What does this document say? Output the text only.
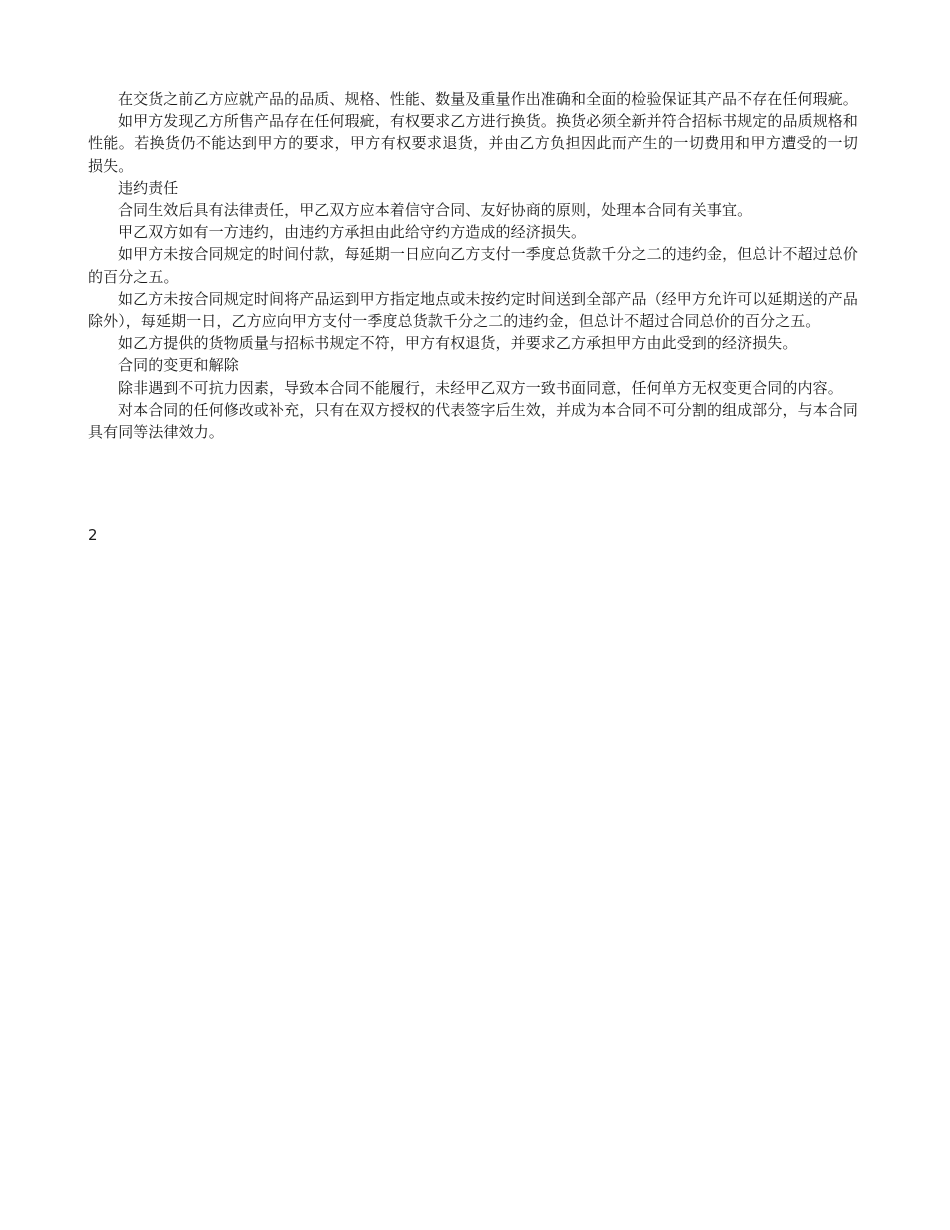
在交货之前乙方应就产品的品质、规格、性能、数量及重量作出准确和全面的检验保证其产品不存在任何瑕疵。

如甲方发现乙方所售产品存在任何瑕疵，有权要求乙方进行换货。换货必须全新并符合招标书规定的品质规格和性能。若换货仍不能达到甲方的要求，甲方有权要求退货，并由乙方负担因此而产生的一切费用和甲方遭受的一切损失。

违约责任

合同生效后具有法律责任，甲乙双方应本着信守合同、友好协商的原则，处理本合同有关事宜。

甲乙双方如有一方违约，由违约方承担由此给守约方造成的经济损失。

如甲方未按合同规定的时间付款，每延期一日应向乙方支付一季度总货款千分之二的违约金，但总计不超过总价的百分之五。

如乙方未按合同规定时间将产品运到甲方指定地点或未按约定时间送到全部产品（经甲方允许可以延期送的产品除外），每延期一日，乙方应向甲方支付一季度总货款千分之二的违约金，但总计不超过合同总价的百分之五。

如乙方提供的货物质量与招标书规定不符，甲方有权退货，并要求乙方承担甲方由此受到的经济损失。

合同的变更和解除

除非遇到不可抗力因素，导致本合同不能履行，未经甲乙双方一致书面同意，任何单方无权变更合同的内容。

对本合同的任何修改或补充，只有在双方授权的代表签字后生效，并成为本合同不可分割的组成部分，与本合同具有同等法律效力。

2
